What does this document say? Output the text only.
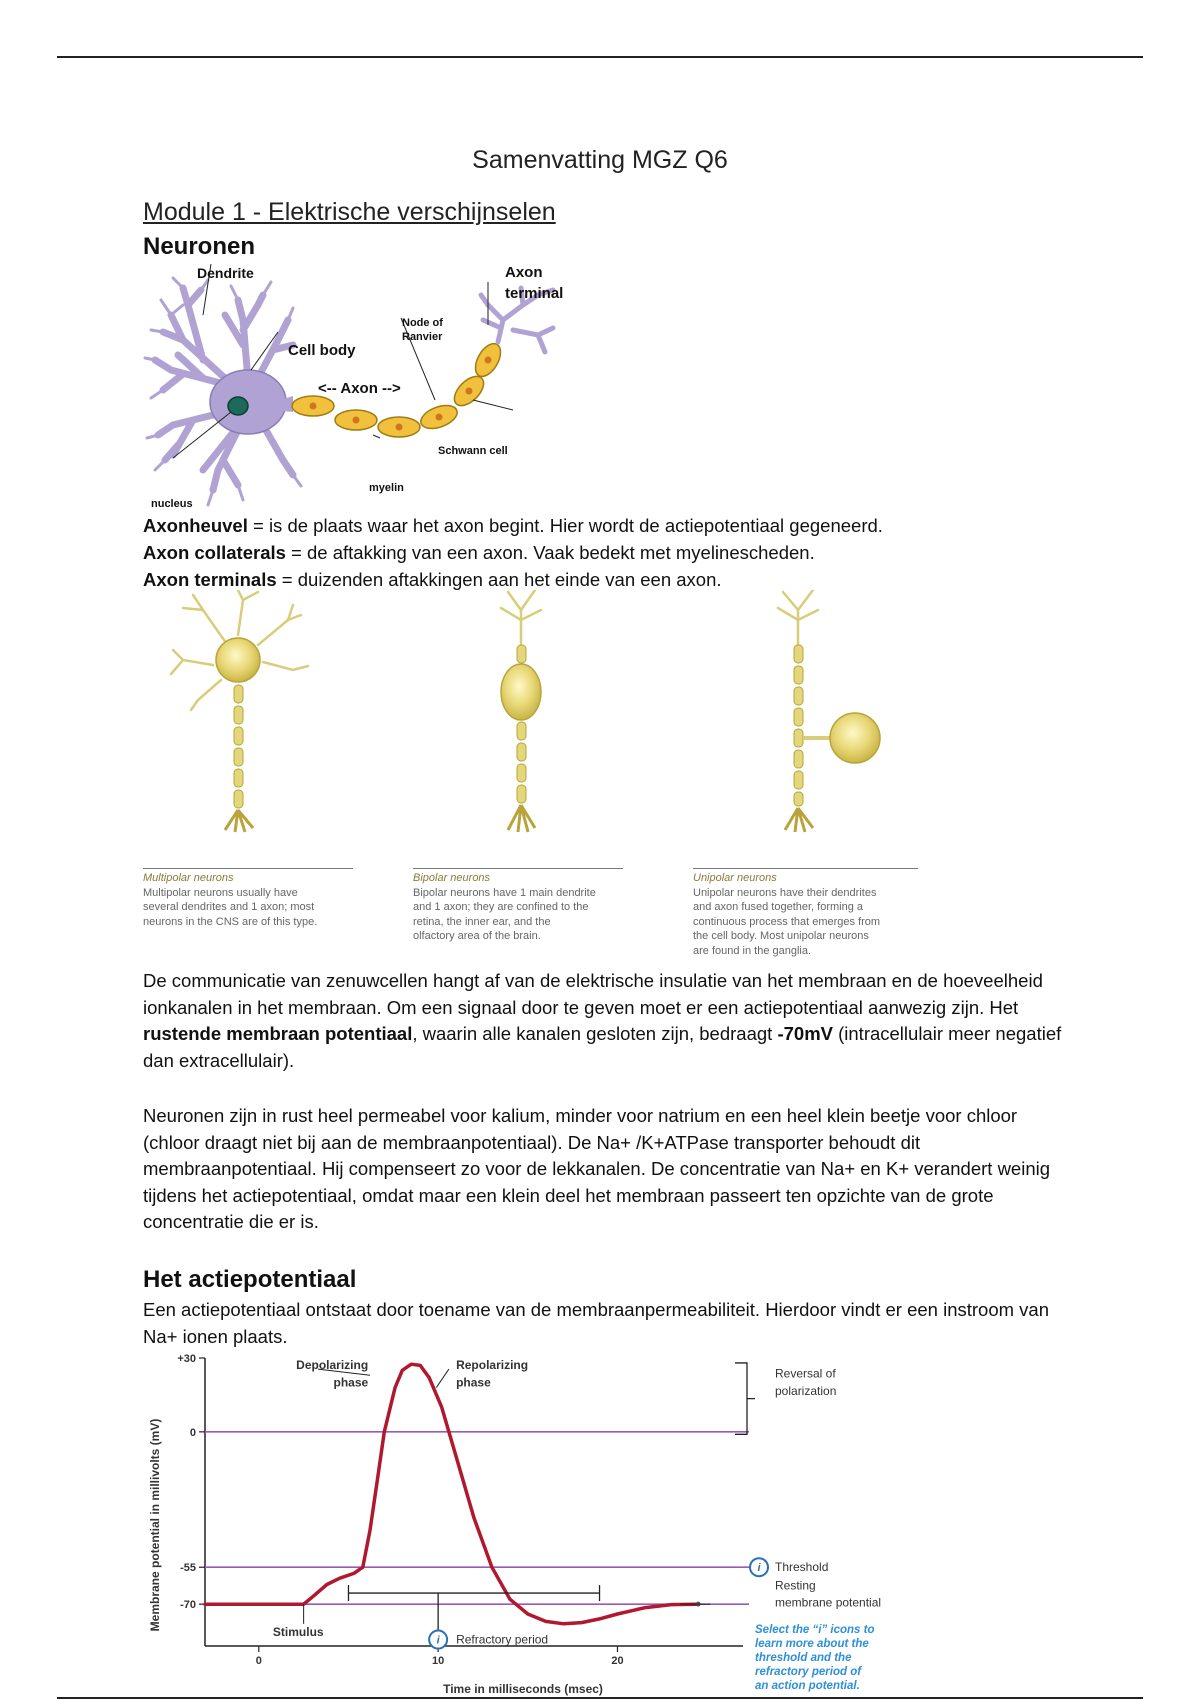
Samenvatting MGZ Q6
Module 1 - Elektrische verschijnselen
Neuronen
Dendrite	Axon
terminal
Node of
Ranvier
Cell body
<-- Axon -->
Schwann cell
myelin
nucleus
Axonheuvel = is de plaats waar het axon begint. Hier wordt de actiepotentiaal gegeneerd.
Axon collaterals = de aftakking van een axon. Vaak bedekt met myelinescheden.
Axon terminals = duizenden aftakkingen aan het einde van een axon.
Multipolar neurons
Multipolar neurons usually have
several dendrites and 1 axon; most
neurons in the CNS are of this type.
Bipolar neurons
Bipolar neurons have 1 main dendrite
and 1 axon; they are confined to the
retina, the inner ear, and the
olfactory area of the brain.
Unipolar neurons
Unipolar neurons have their dendrites
and axon fused together, forming a
continuous process that emerges from
the cell body. Most unipolar neurons
are found in the ganglia.
De communicatie van zenuwcellen hangt af van de elektrische insulatie van het membraan en de hoeveelheid ionkanalen in het membraan. Om een signaal door te geven moet er een actiepotentiaal aanwezig zijn. Het rustende membraan potentiaal, waarin alle kanalen gesloten zijn, bedraagt -70mV (intracellulair meer negatief dan extracellulair).
Neuronen zijn in rust heel permeabel voor kalium, minder voor natrium en een heel klein beetje voor chloor (chloor draagt niet bij aan de membraanpotentiaal). De Na+ /K+ATPase transporter behoudt dit membraanpotentiaal. Hij compenseert zo voor de lekkanalen. De concentratie van Na+ en K+ verandert weinig tijdens het actiepotentiaal, omdat maar een klein deel het membraan passeert ten opzichte van de grote concentratie die er is.
Het actiepotentiaal
Een actiepotentiaal ontstaat door toename van de membraanpermeabiliteit. Hierdoor vindt er een instroom van Na+ ionen plaats.
+30
0
-55
-70
0	10	20
Time in milliseconds (msec)
Membrane potential in millivolts (mV)
Depolarizing
phase
Repolarizing
phase
Reversal of
polarization
Threshold
Resting
membrane potential
Stimulus
Refractory period
i
i
Select the “i” icons to
learn more about the
threshold and the
refractory period of
an action potential.
